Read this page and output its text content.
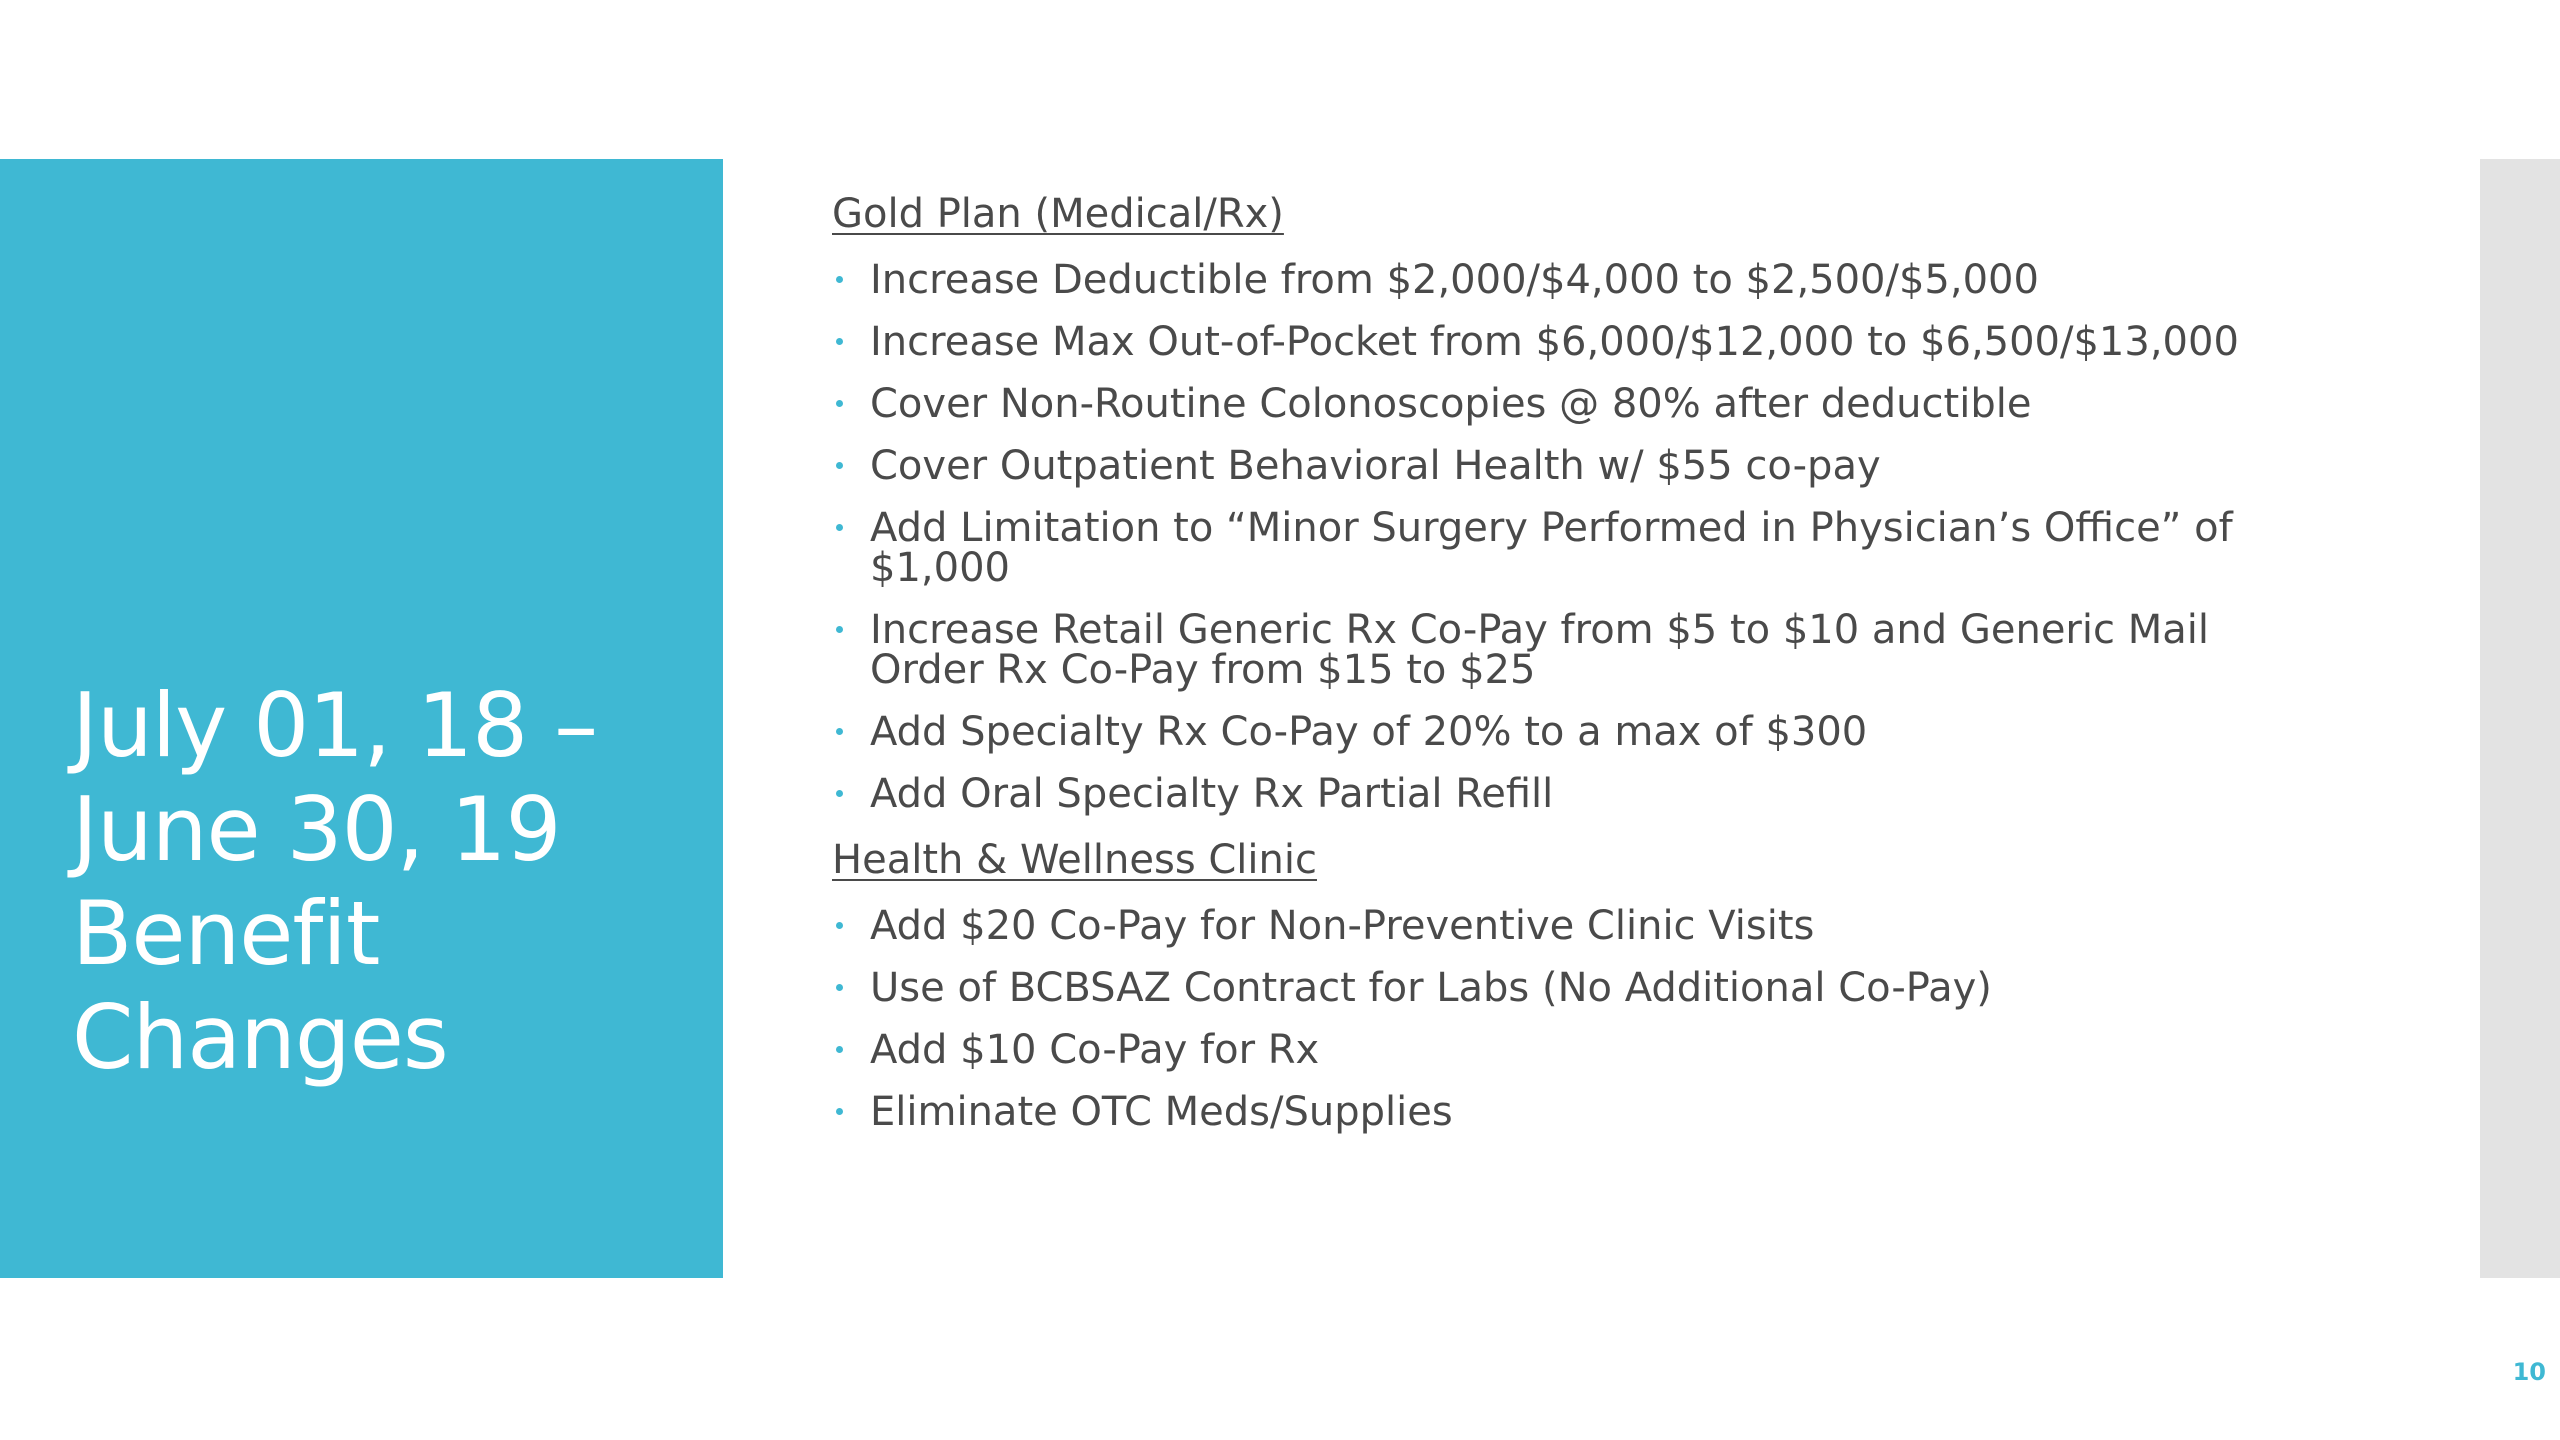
July 01, 18 – June 30, 19 Benefit Changes
Gold Plan (Medical/Rx)
Increase Deductible from $2,000/$4,000 to $2,500/$5,000
Increase Max Out-of-Pocket from $6,000/$12,000 to $6,500/$13,000
Cover Non-Routine Colonoscopies @ 80% after deductible
Cover Outpatient Behavioral Health w/ $55 co-pay
Add Limitation to “Minor Surgery Performed in Physician’s Office” of $1,000
Increase Retail Generic Rx Co-Pay from $5 to $10 and Generic Mail Order Rx Co-Pay from $15 to $25
Add Specialty Rx Co-Pay of 20% to a max of $300
Add Oral Specialty Rx Partial Refill
Health & Wellness Clinic
Add $20 Co-Pay for Non-Preventive Clinic Visits
Use of BCBSAZ Contract for Labs (No Additional Co-Pay)
Add $10 Co-Pay for Rx
Eliminate OTC Meds/Supplies
10
